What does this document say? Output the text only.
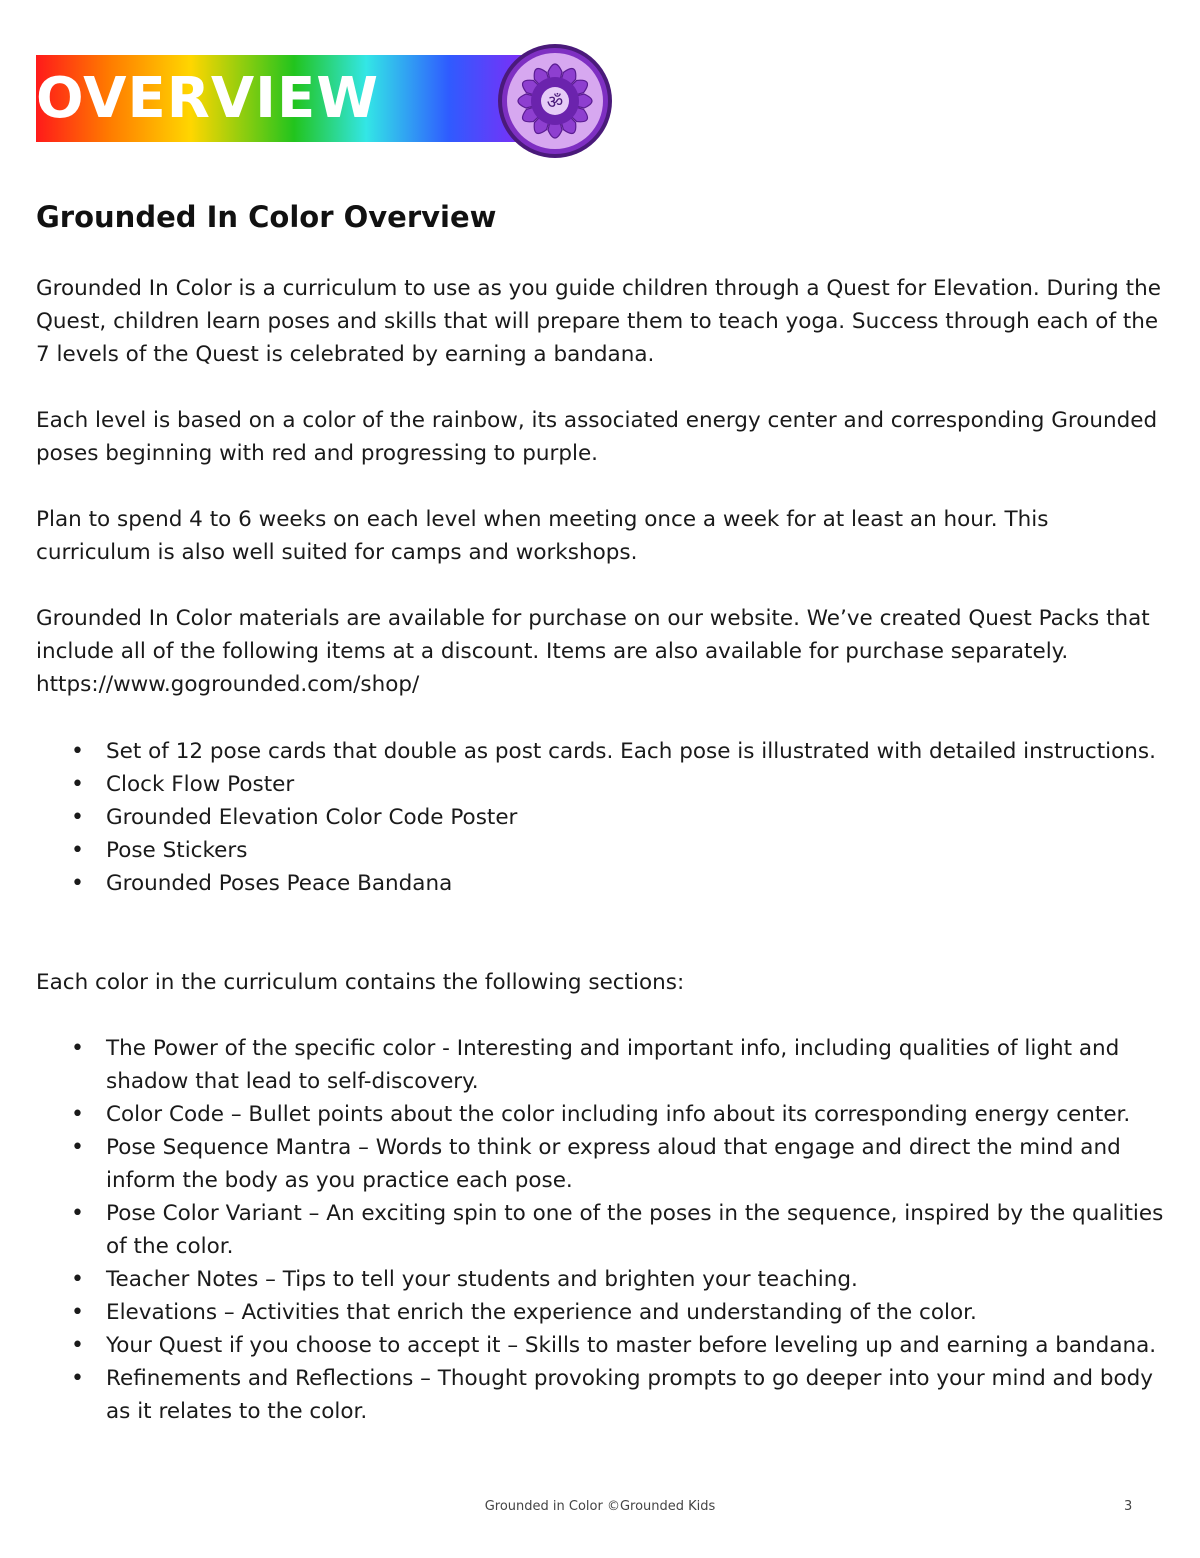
OVERVIEW	ॐ
Grounded In Color Overview

Grounded In Color is a curriculum to use as you guide children through a Quest for Elevation. During the Quest, children learn poses and skills that will prepare them to teach yoga. Success through each of the 7 levels of the Quest is celebrated by earning a bandana.

Each level is based on a color of the rainbow, its associated energy center and corresponding Grounded poses beginning with red and progressing to purple.

Plan to spend 4 to 6 weeks on each level when meeting once a week for at least an hour. This curriculum is also well suited for camps and workshops.

Grounded In Color materials are available for purchase on our website. We’ve created Quest Packs that include all of the following items at a discount. Items are also available for purchase separately. https://www.gogrounded.com/shop/

• Set of 12 pose cards that double as post cards. Each pose is illustrated with detailed instructions.
• Clock Flow Poster
• Grounded Elevation Color Code Poster
• Pose Stickers
• Grounded Poses Peace Bandana

Each color in the curriculum contains the following sections:

• The Power of the specific color - Interesting and important info, including qualities of light and shadow that lead to self-discovery.
• Color Code – Bullet points about the color including info about its corresponding energy center.
• Pose Sequence Mantra – Words to think or express aloud that engage and direct the mind and inform the body as you practice each pose.
• Pose Color Variant – An exciting spin to one of the poses in the sequence, inspired by the qualities of the color.
• Teacher Notes – Tips to tell your students and brighten your teaching.
• Elevations – Activities that enrich the experience and understanding of the color.
• Your Quest if you choose to accept it – Skills to master before leveling up and earning a bandana.
• Refinements and Reflections – Thought provoking prompts to go deeper into your mind and body as it relates to the color.
Grounded in Color ©Grounded Kids	3
